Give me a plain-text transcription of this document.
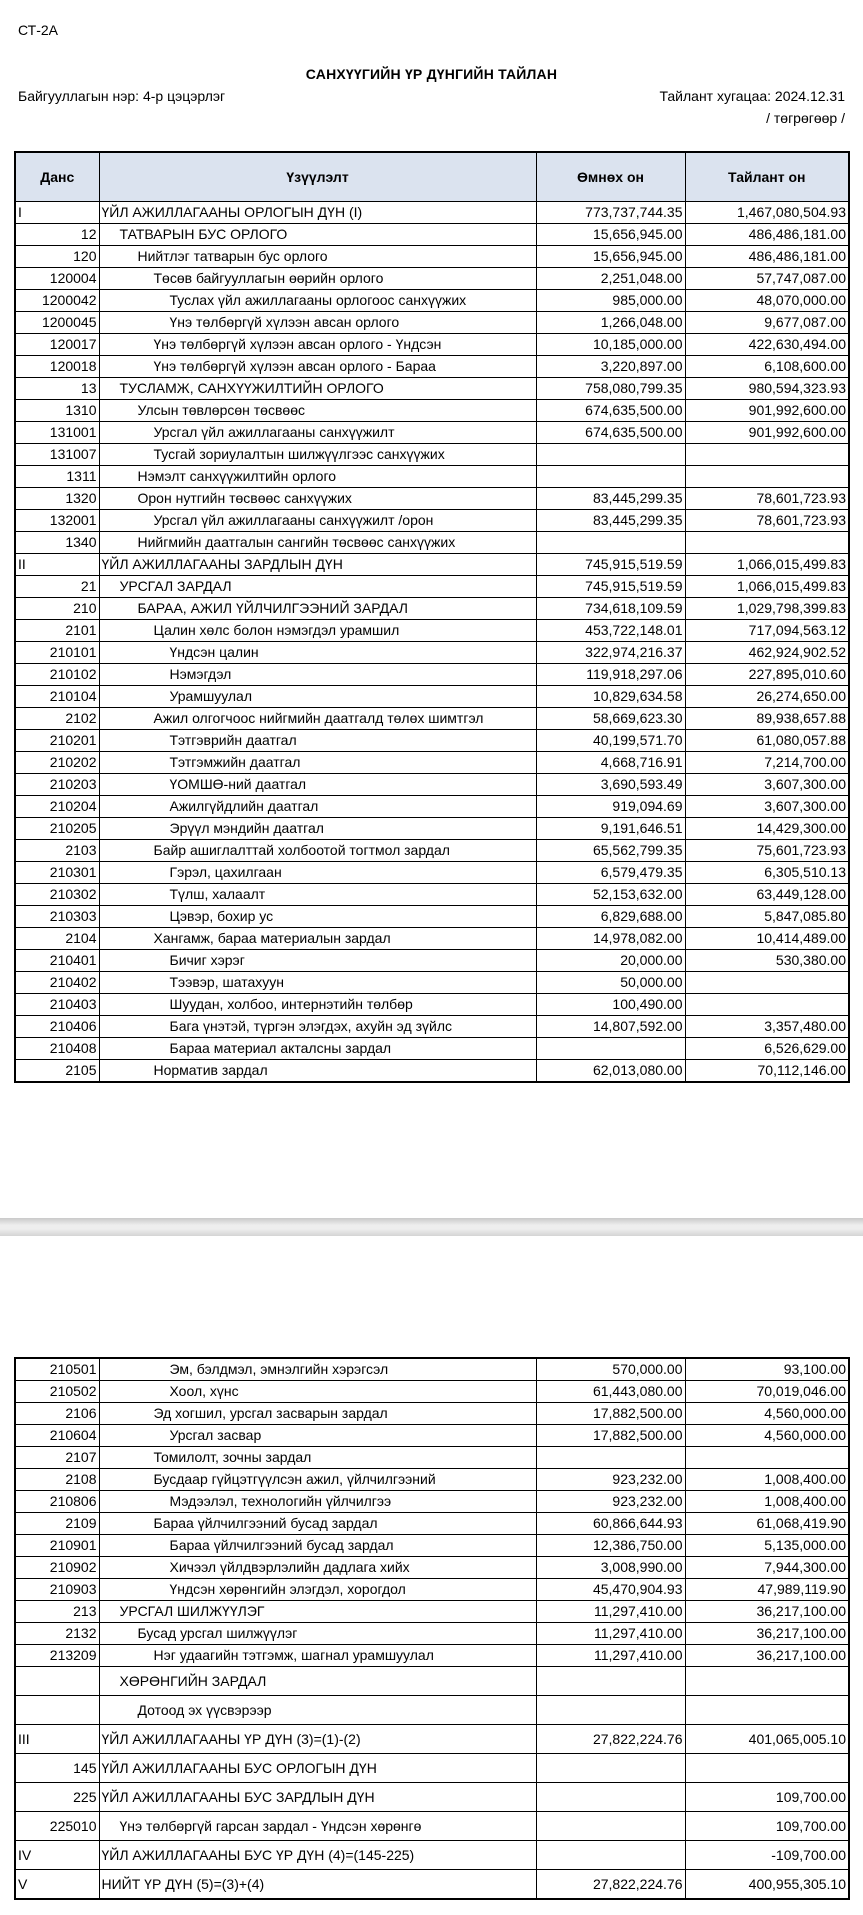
СТ-2А
САНХҮҮГИЙН ҮР ДҮНГИЙН ТАЙЛАН
Байгууллагын нэр: 4-р цэцэрлэг	Тайлант хугацаа: 2024.12.31
/ төгрөгөөр /
Данс	Үзүүлэлт	Өмнөх он	Тайлант он
I	ҮЙЛ АЖИЛЛАГААНЫ ОРЛОГЫН ДҮН (I)	773,737,744.35	1,467,080,504.93
12	ТАТВАРЫН БУС ОРЛОГО	15,656,945.00	486,486,181.00
120	Нийтлэг татварын бус орлого	15,656,945.00	486,486,181.00
120004	Төсөв байгууллагын өөрийн орлого	2,251,048.00	57,747,087.00
1200042	Туслах үйл ажиллагааны орлогоос санхүүжих	985,000.00	48,070,000.00
1200045	Үнэ төлбөргүй хүлээн авсан орлого	1,266,048.00	9,677,087.00
120017	Үнэ төлбөргүй хүлээн авсан орлого - Үндсэн	10,185,000.00	422,630,494.00
120018	Үнэ төлбөргүй хүлээн авсан орлого - Бараа	3,220,897.00	6,108,600.00
13	ТУСЛАМЖ, САНХҮҮЖИЛТИЙН ОРЛОГО	758,080,799.35	980,594,323.93
1310	Улсын төвлөрсөн төсвөөс	674,635,500.00	901,992,600.00
131001	Урсгал үйл ажиллагааны санхүүжилт	674,635,500.00	901,992,600.00
131007	Тусгай зориулалтын шилжүүлгээс санхүүжих		
1311	Нэмэлт санхүүжилтийн орлого		
1320	Орон нутгийн төсвөөс санхүүжих	83,445,299.35	78,601,723.93
132001	Урсгал үйл ажиллагааны санхүүжилт /орон	83,445,299.35	78,601,723.93
1340	Нийгмийн даатгалын сангийн төсвөөс санхүүжих		
II	ҮЙЛ АЖИЛЛАГААНЫ ЗАРДЛЫН ДҮН	745,915,519.59	1,066,015,499.83
21	УРСГАЛ ЗАРДАЛ	745,915,519.59	1,066,015,499.83
210	БАРАА, АЖИЛ ҮЙЛЧИЛГЭЭНИЙ ЗАРДАЛ	734,618,109.59	1,029,798,399.83
2101	Цалин хөлс болон нэмэгдэл урамшил	453,722,148.01	717,094,563.12
210101	Үндсэн цалин	322,974,216.37	462,924,902.52
210102	Нэмэгдэл	119,918,297.06	227,895,010.60
210104	Урамшуулал	10,829,634.58	26,274,650.00
2102	Ажил олгогчоос нийгмийн даатгалд төлөх шимтгэл	58,669,623.30	89,938,657.88
210201	Тэтгэврийн даатгал	40,199,571.70	61,080,057.88
210202	Тэтгэмжийн даатгал	4,668,716.91	7,214,700.00
210203	ҮОМШӨ-ний даатгал	3,690,593.49	3,607,300.00
210204	Ажилгүйдлийн даатгал	919,094.69	3,607,300.00
210205	Эрүүл мэндийн даатгал	9,191,646.51	14,429,300.00
2103	Байр ашиглалттай холбоотой тогтмол зардал	65,562,799.35	75,601,723.93
210301	Гэрэл, цахилгаан	6,579,479.35	6,305,510.13
210302	Түлш, халаалт	52,153,632.00	63,449,128.00
210303	Цэвэр, бохир ус	6,829,688.00	5,847,085.80
2104	Хангамж, бараа материалын зардал	14,978,082.00	10,414,489.00
210401	Бичиг хэрэг	20,000.00	530,380.00
210402	Тээвэр, шатахуун	50,000.00	
210403	Шуудан, холбоо, интернэтийн төлбөр	100,490.00	
210406	Бага үнэтэй, түргэн элэгдэх, ахуйн эд зүйлс	14,807,592.00	3,357,480.00
210408	Бараа материал акталсны зардал		6,526,629.00
2105	Норматив зардал	62,013,080.00	70,112,146.00
210501	Эм, бэлдмэл, эмнэлгийн хэрэгсэл	570,000.00	93,100.00
210502	Хоол, хүнс	61,443,080.00	70,019,046.00
2106	Эд хогшил, урсгал засварын зардал	17,882,500.00	4,560,000.00
210604	Урсгал засвар	17,882,500.00	4,560,000.00
2107	Томилолт, зочны зардал		
2108	Бусдаар гүйцэтгүүлсэн ажил, үйлчилгээний	923,232.00	1,008,400.00
210806	Мэдээлэл, технологийн үйлчилгээ	923,232.00	1,008,400.00
2109	Бараа үйлчилгээний бусад зардал	60,866,644.93	61,068,419.90
210901	Бараа үйлчилгээний бусад зардал	12,386,750.00	5,135,000.00
210902	Хичээл үйлдвэрлэлийн дадлага хийх	3,008,990.00	7,944,300.00
210903	Үндсэн хөрөнгийн элэгдэл, хорогдол	45,470,904.93	47,989,119.90
213	УРСГАЛ ШИЛЖҮҮЛЭГ	11,297,410.00	36,217,100.00
2132	Бусад урсгал шилжүүлэг	11,297,410.00	36,217,100.00
213209	Нэг удаагийн тэтгэмж, шагнал урамшуулал	11,297,410.00	36,217,100.00
	ХӨРӨНГИЙН ЗАРДАЛ		
	Дотоод эх үүсвэрээр		
III	ҮЙЛ АЖИЛЛАГААНЫ ҮР ДҮН (3)=(1)-(2)	27,822,224.76	401,065,005.10
145	ҮЙЛ АЖИЛЛАГААНЫ БУС ОРЛОГЫН ДҮН		
225	ҮЙЛ АЖИЛЛАГААНЫ БУС ЗАРДЛЫН ДҮН		109,700.00
225010	Үнэ төлбөргүй гарсан зардал - Үндсэн хөрөнгө		109,700.00
IV	ҮЙЛ АЖИЛЛАГААНЫ БУС ҮР ДҮН (4)=(145-225)		-109,700.00
V	НИЙТ ҮР ДҮН (5)=(3)+(4)	27,822,224.76	400,955,305.10
